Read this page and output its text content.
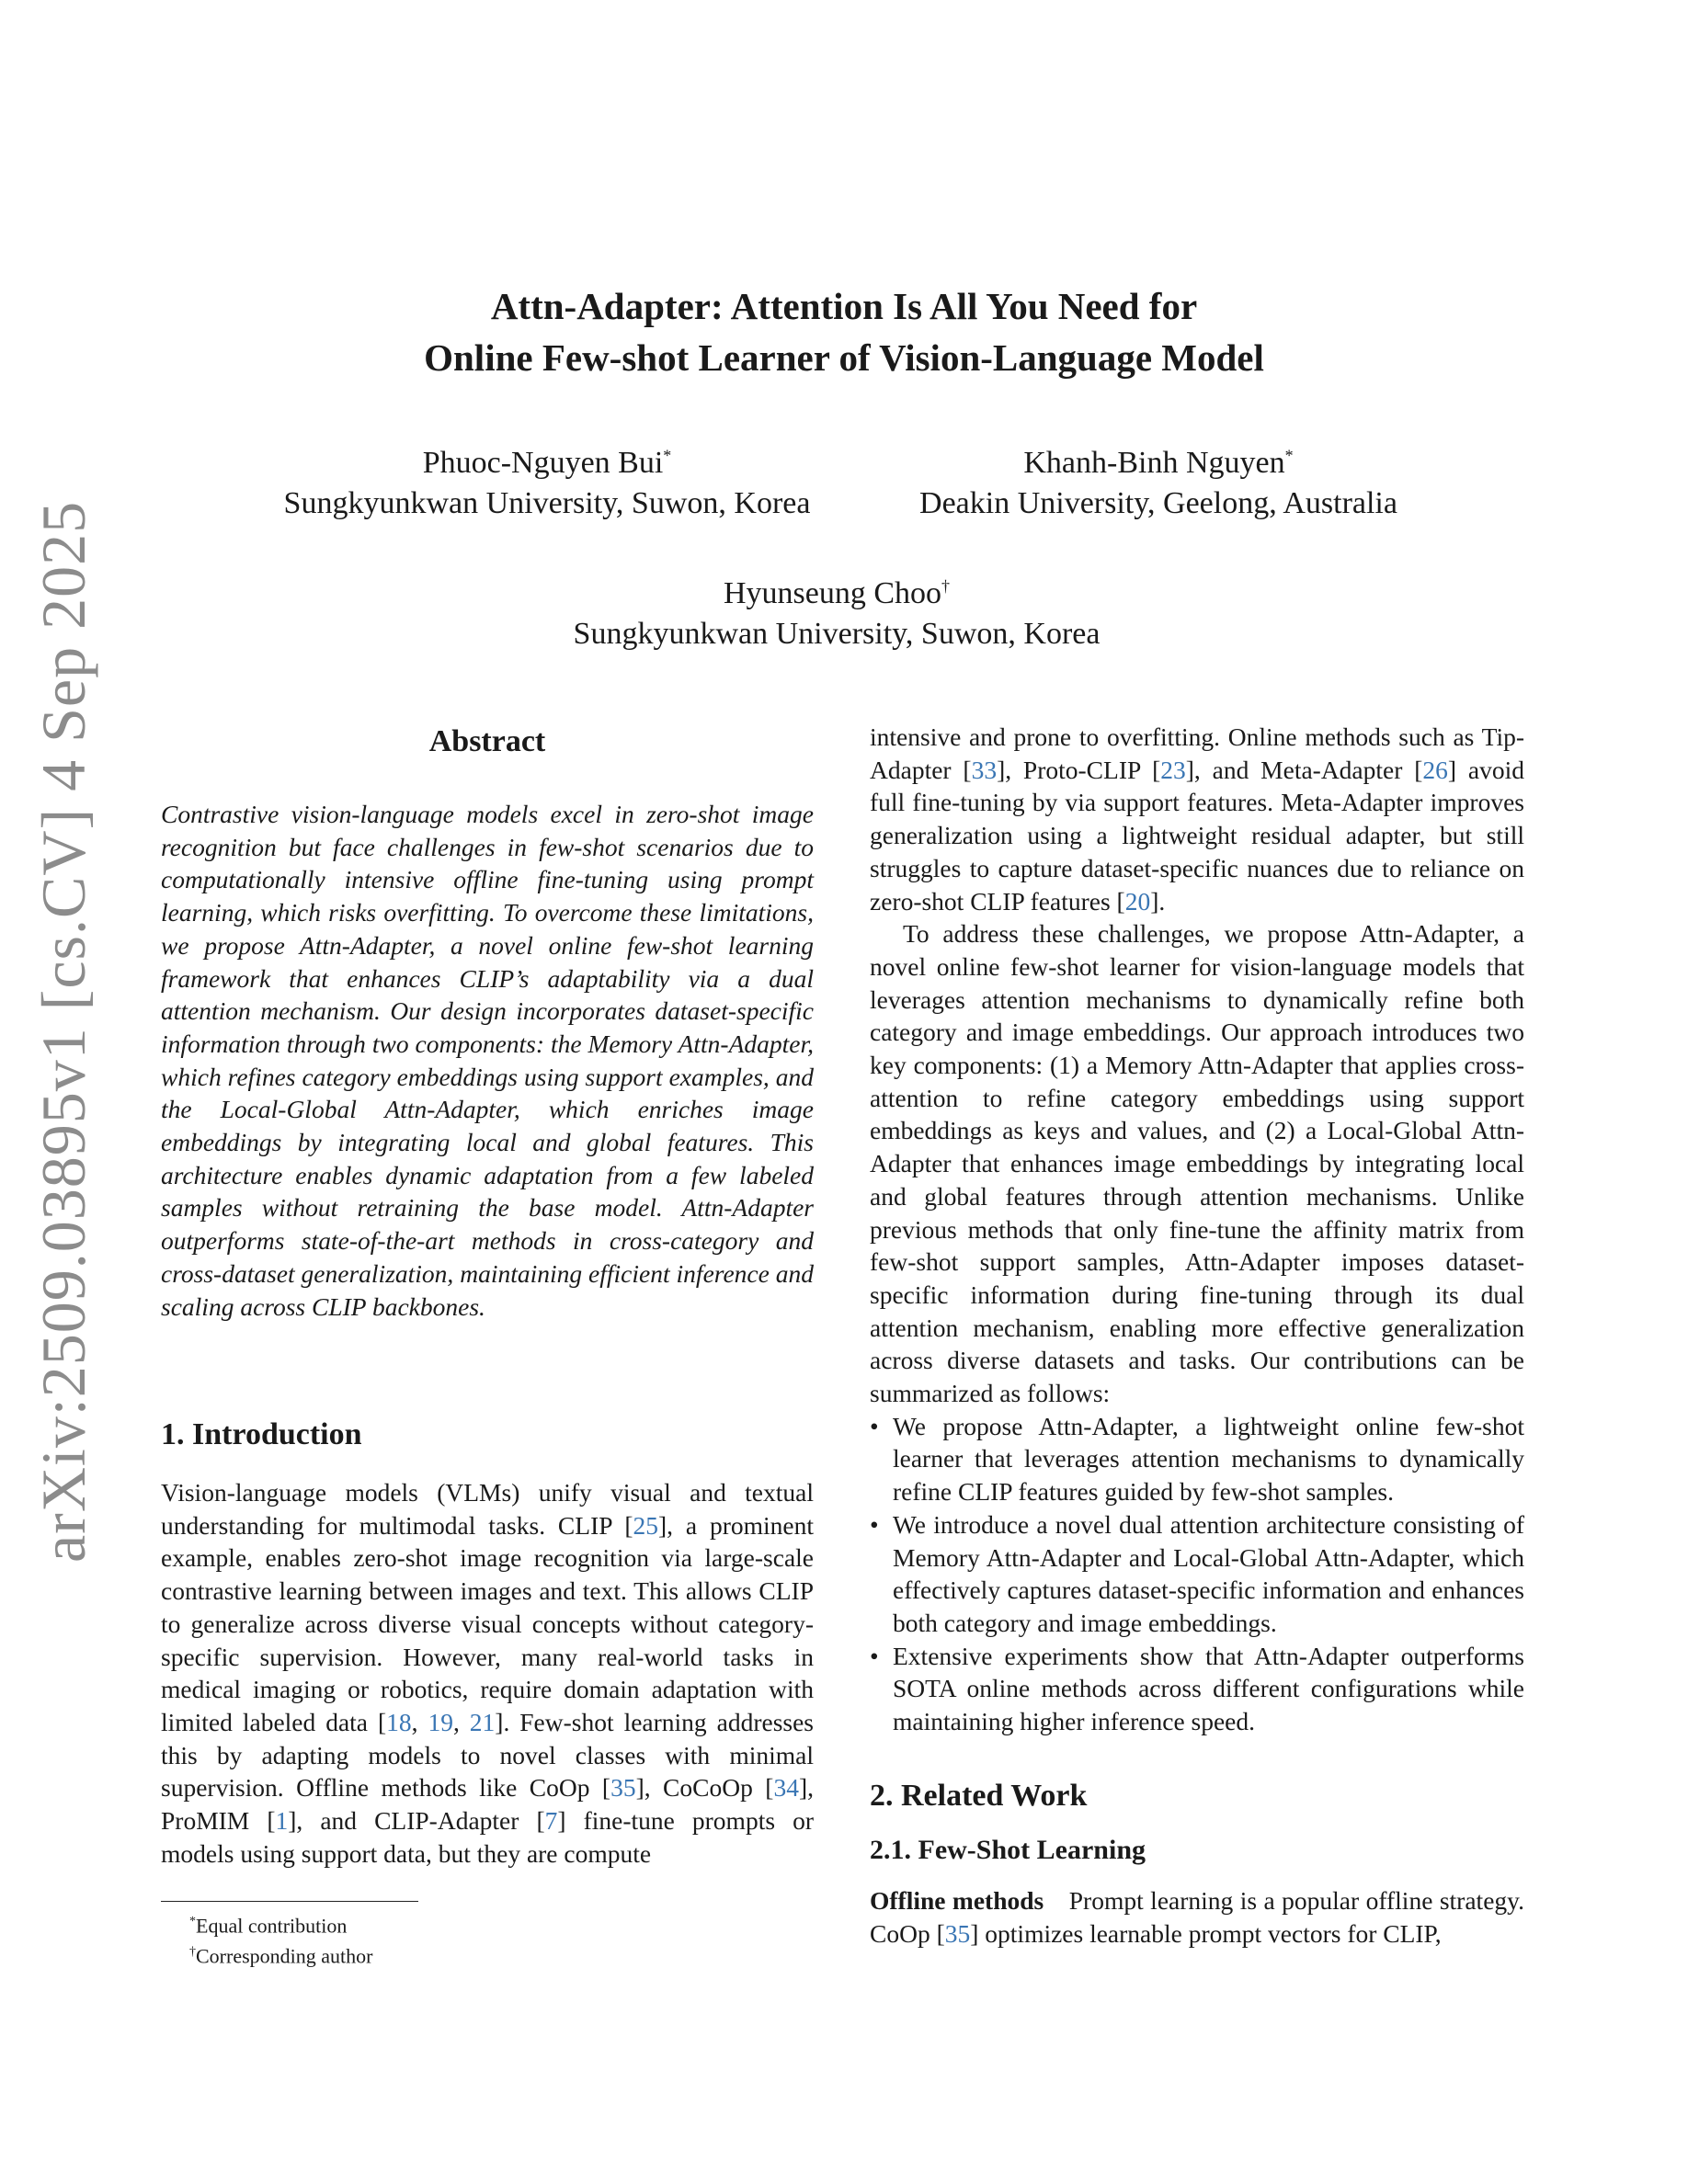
arXiv:2509.03895v1 [cs.CV] 4 Sep 2025
Attn-Adapter: Attention Is All You Need for
Online Few-shot Learner of Vision-Language Model
Phuoc-Nguyen Bui*
Sungkyunkwan University, Suwon, Korea
Khanh-Binh Nguyen*
Deakin University, Geelong, Australia
Hyunseung Choo†
Sungkyunkwan University, Suwon, Korea
Abstract
Contrastive vision-language models excel in zero-shot image recognition but face challenges in few-shot scenarios due to computationally intensive offline fine-tuning using prompt learning, which risks overfitting. To overcome these limitations, we propose Attn-Adapter, a novel online few-shot learning framework that enhances CLIP’s adaptability via a dual attention mechanism. Our design incorporates dataset-specific information through two components: the Memory Attn-Adapter, which refines category embeddings using support examples, and the Local-Global Attn-Adapter, which enriches image embeddings by integrating local and global features. This architecture enables dynamic adaptation from a few labeled samples without retraining the base model. Attn-Adapter outperforms state-of-the-art methods in cross-category and cross-dataset generalization, maintaining efficient inference and scaling across CLIP backbones.
1. Introduction

Vision-language models (VLMs) unify visual and textual understanding for multimodal tasks. CLIP [25], a prominent example, enables zero-shot image recognition via large-scale contrastive learning between images and text. This allows CLIP to generalize across diverse visual concepts without category-specific supervision. However, many real-world tasks in medical imaging or robotics, require domain adaptation with limited labeled data [18, 19, 21]. Few-shot learning addresses this by adapting models to novel classes with minimal supervision. Offline methods like CoOp [35], CoCoOp [34], ProMIM [1], and CLIP-Adapter [7] fine-tune prompts or models using support data, but they are compute

intensive and prone to overfitting. Online methods such as Tip-Adapter [33], Proto-CLIP [23], and Meta-Adapter [26] avoid full fine-tuning by via support features. Meta-Adapter improves generalization using a lightweight residual adapter, but still struggles to capture dataset-specific nuances due to reliance on zero-shot CLIP features [20].

To address these challenges, we propose Attn-Adapter, a novel online few-shot learner for vision-language models that leverages attention mechanisms to dynamically refine both category and image embeddings. Our approach introduces two key components: (1) a Memory Attn-Adapter that applies cross-attention to refine category embeddings using support embeddings as keys and values, and (2) a Local-Global Attn-Adapter that enhances image embeddings by integrating local and global features through attention mechanisms. Unlike previous methods that only fine-tune the affinity matrix from few-shot support samples, Attn-Adapter imposes dataset-specific information during fine-tuning through its dual attention mechanism, enabling more effective generalization across diverse datasets and tasks. Our contributions can be summarized as follows:

• We propose Attn-Adapter, a lightweight online few-shot learner that leverages attention mechanisms to dynamically refine CLIP features guided by few-shot samples.
• We introduce a novel dual attention architecture consisting of Memory Attn-Adapter and Local-Global Attn-Adapter, which effectively captures dataset-specific information and enhances both category and image embeddings.
• Extensive experiments show that Attn-Adapter outperforms SOTA online methods across different configurations while maintaining higher inference speed.
2. Related Work
2.1. Few-Shot Learning

Offline methods  Prompt learning is a popular offline strategy. CoOp [35] optimizes learnable prompt vectors for CLIP,

*Equal contribution
†Corresponding author
